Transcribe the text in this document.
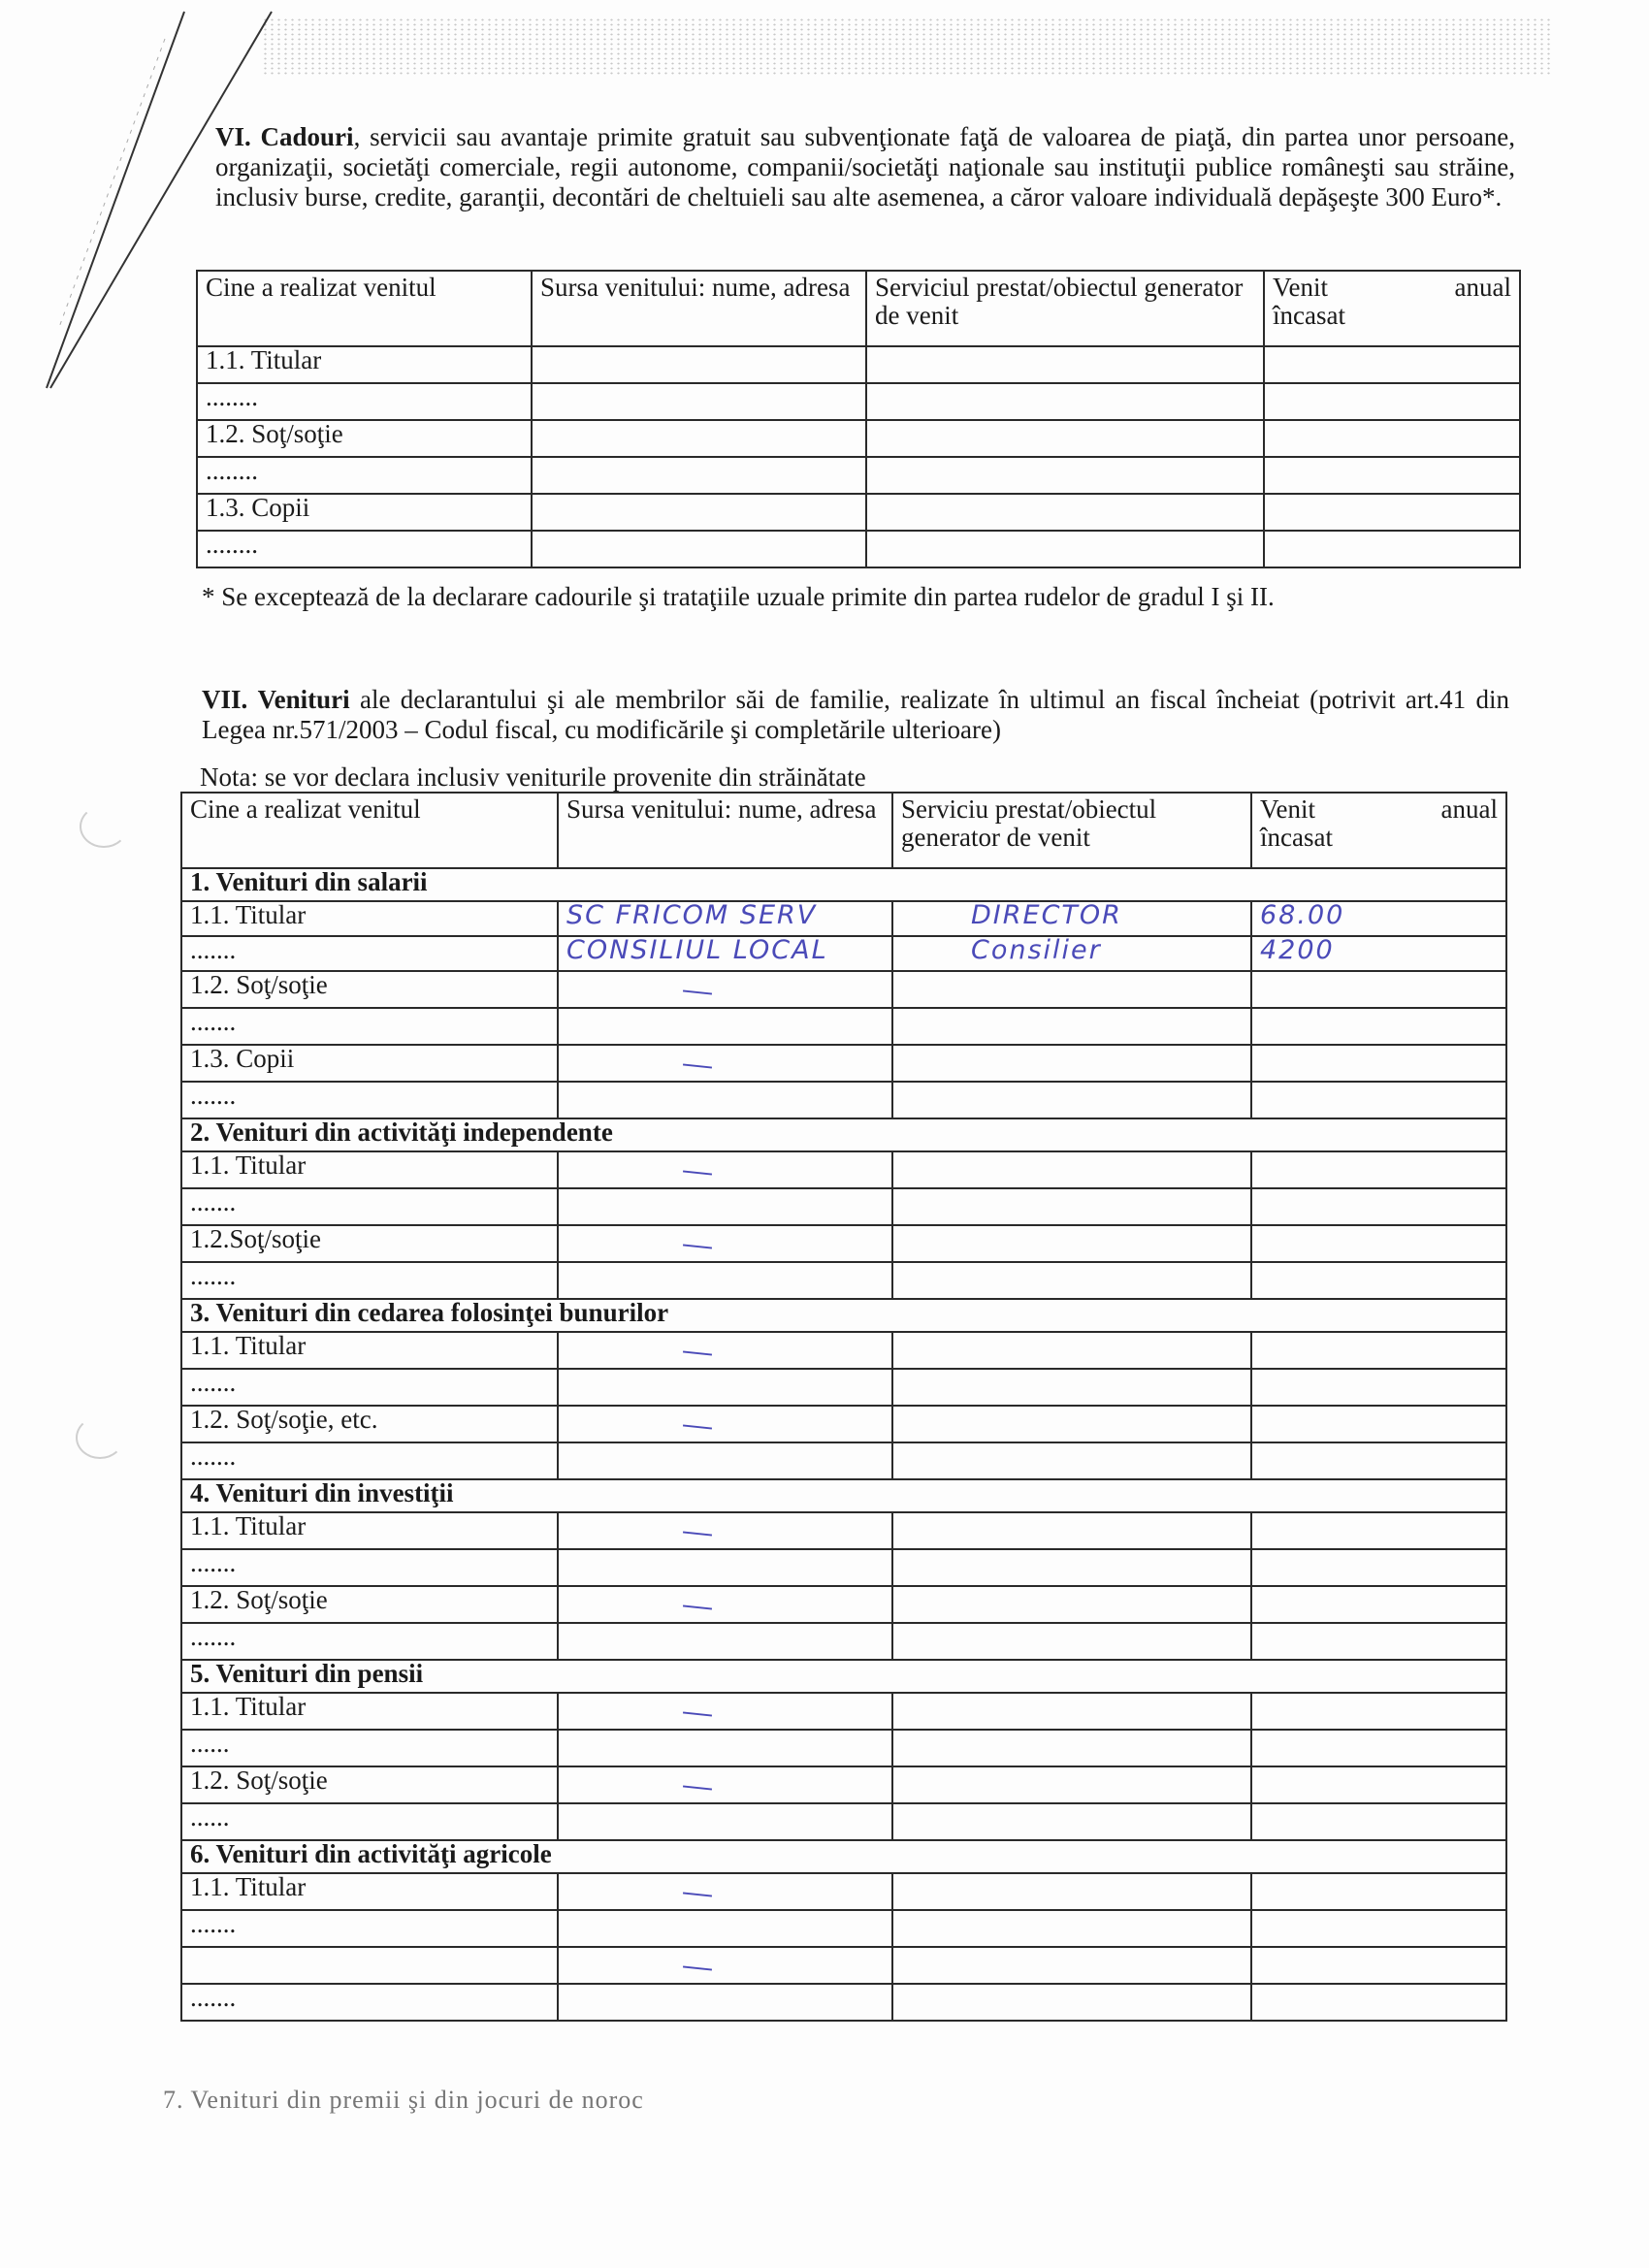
VI. Cadouri, servicii sau avantaje primite gratuit sau subvenţionate faţă de valoarea de piaţă, din partea unor persoane, organizaţii, societăţi comerciale, regii autonome, companii/societăţi naţionale sau instituţii publice româneşti sau străine, inclusiv burse, credite, garanţii, decontări de cheltuieli sau alte asemenea, a căror valoare individuală depăşeşte 300 Euro*.
Cine a realizat venitul	Sursa venitului: nume, adresa	Serviciul prestat/obiectul generator de venit	Venit anual
încasat
1.1. Titular			
........			
1.2. Soţ/soţie			
........			
1.3. Copii			
........			
* Se exceptează de la declarare cadourile şi trataţiile uzuale primite din partea rudelor de gradul I şi II.
VII. Venituri ale declarantului şi ale membrilor săi de familie, realizate în ultimul an fiscal încheiat (potrivit art.41 din Legea nr.571/2003 – Codul fiscal, cu modificările şi completările ulterioare)
Nota: se vor declara inclusiv veniturile provenite din străinătate
Cine a realizat venitul	Sursa venitului: nume, adresa	Serviciu prestat/obiectul generator de venit	Venit anual
încasat
1. Venituri din salarii			
1.1. Titular	SC FRICOM SERV	DIRECTOR	68.00
.......	CONSILIUL LOCAL	Consilier	4200
1.2. Soţ/soţie			
.......			
1.3. Copii			
.......			
2. Venituri din activităţi independente			
1.1. Titular			
.......			
1.2.Soţ/soţie			
.......			
3. Venituri din cedarea folosinţei bunurilor			
1.1. Titular			
.......			
1.2. Soţ/soţie, etc.			
.......			
4. Venituri din investiţii			
1.1. Titular			
.......			
1.2. Soţ/soţie			
.......			
5. Venituri din pensii			
1.1. Titular			
......			
1.2. Soţ/soţie			
......			
6. Venituri din activităţi agricole			
1.1. Titular			
.......			

.......			
7. Venituri din premii şi din jocuri de noroc
